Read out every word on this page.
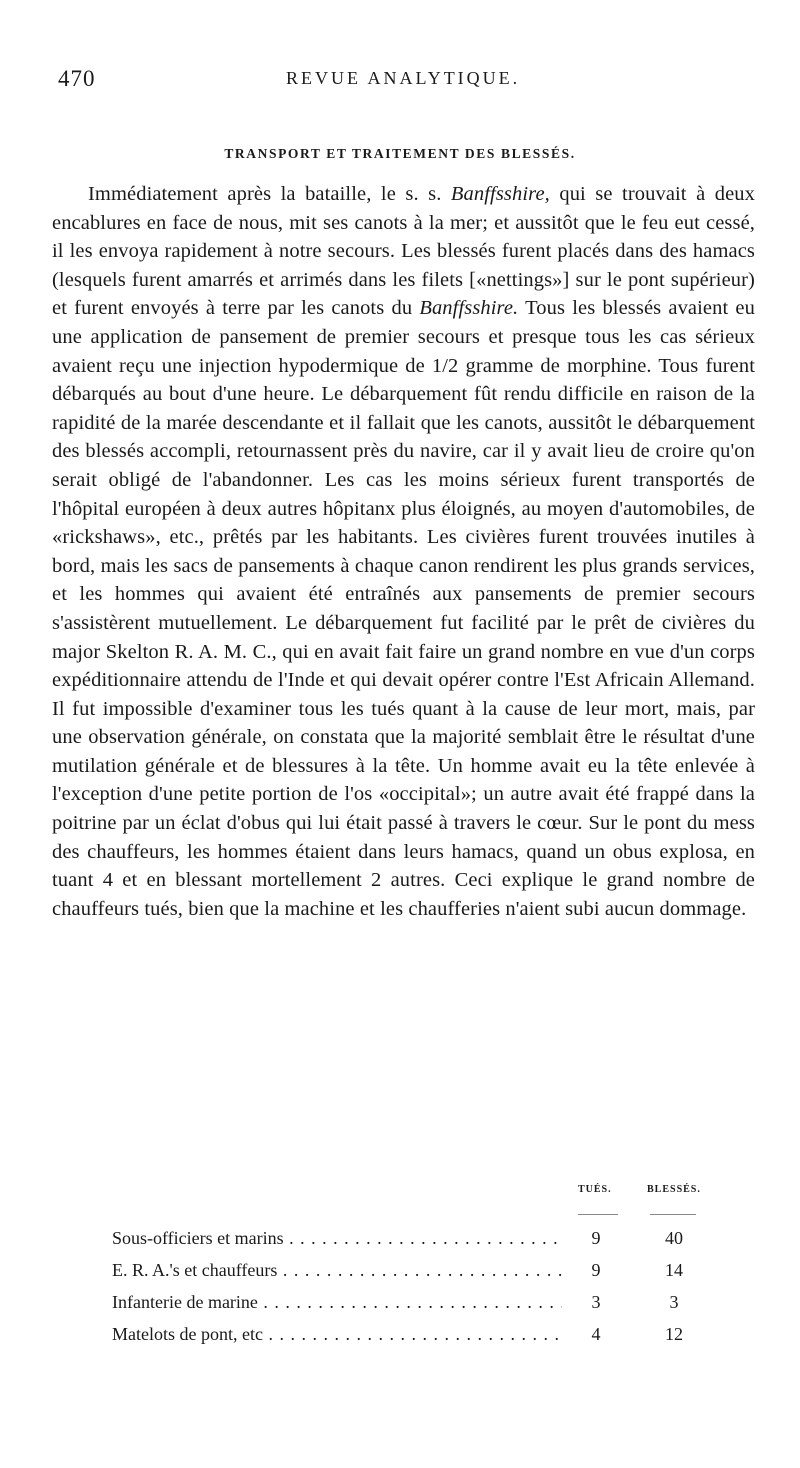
470	REVUE ANALYTIQUE.
TRANSPORT ET TRAITEMENT DES BLESSÉS.

Immédiatement après la bataille, le s. s. Banffsshire, qui se trouvait à deux encablures en face de nous, mit ses canots à la mer; et aussitôt que le feu eut cessé, il les envoya rapidement à notre secours. Les blessés furent placés dans des hamacs (lesquels furent amarrés et arrimés dans les filets [«nettings»] sur le pont supérieur) et furent envoyés à terre par les canots du Banffsshire. Tous les blessés avaient eu une application de pansement de premier secours et presque tous les cas sérieux avaient reçu une injection hypodermique de 1/2 gramme de morphine. Tous furent débarqués au bout d'une heure. Le débarquement fût rendu difficile en raison de la rapidité de la marée descendante et il fallait que les canots, aussitôt le débarquement des blessés accompli, retournassent près du navire, car il y avait lieu de croire qu'on serait obligé de l'abandonner. Les cas les moins sérieux furent transportés de l'hôpital européen à deux autres hôpitanx plus éloignés, au moyen d'automobiles, de «rickshaws», etc., prêtés par les habitants. Les civières furent trouvées inutiles à bord, mais les sacs de pansements à chaque canon rendirent les plus grands services, et les hommes qui avaient été entraînés aux pansements de premier secours s'assistèrent mutuellement. Le débarquement fut facilité par le prêt de civières du major Skelton R. A. M. C., qui en avait fait faire un grand nombre en vue d'un corps expéditionnaire attendu de l'Inde et qui devait opérer contre l'Est Africain Allemand. Il fut impossible d'examiner tous les tués quant à la cause de leur mort, mais, par une observation générale, on constata que la majorité semblait être le résultat d'une mutilation générale et de blessures à la tête. Un homme avait eu la tête enlevée à l'exception d'une petite portion de l'os «occipital»; un autre avait été frappé dans la poitrine par un éclat d'obus qui lui était passé à travers le cœur. Sur le pont du mess des chauffeurs, les hommes étaient dans leurs hamacs, quand un obus explosa, en tuant 4 et en blessant mortellement 2 autres. Ceci explique le grand nombre de chauffeurs tués, bien que la machine et les chaufferies n'aient subi aucun dommage.

TUÉS.	BLESSÉS.
Sous-officiers et marins . . .	9	40
E. R. A.'s et chauffeurs . . .	9	14
Infanterie de marine . . .	3	3
Matelots de pont, etc . . .	4	12
